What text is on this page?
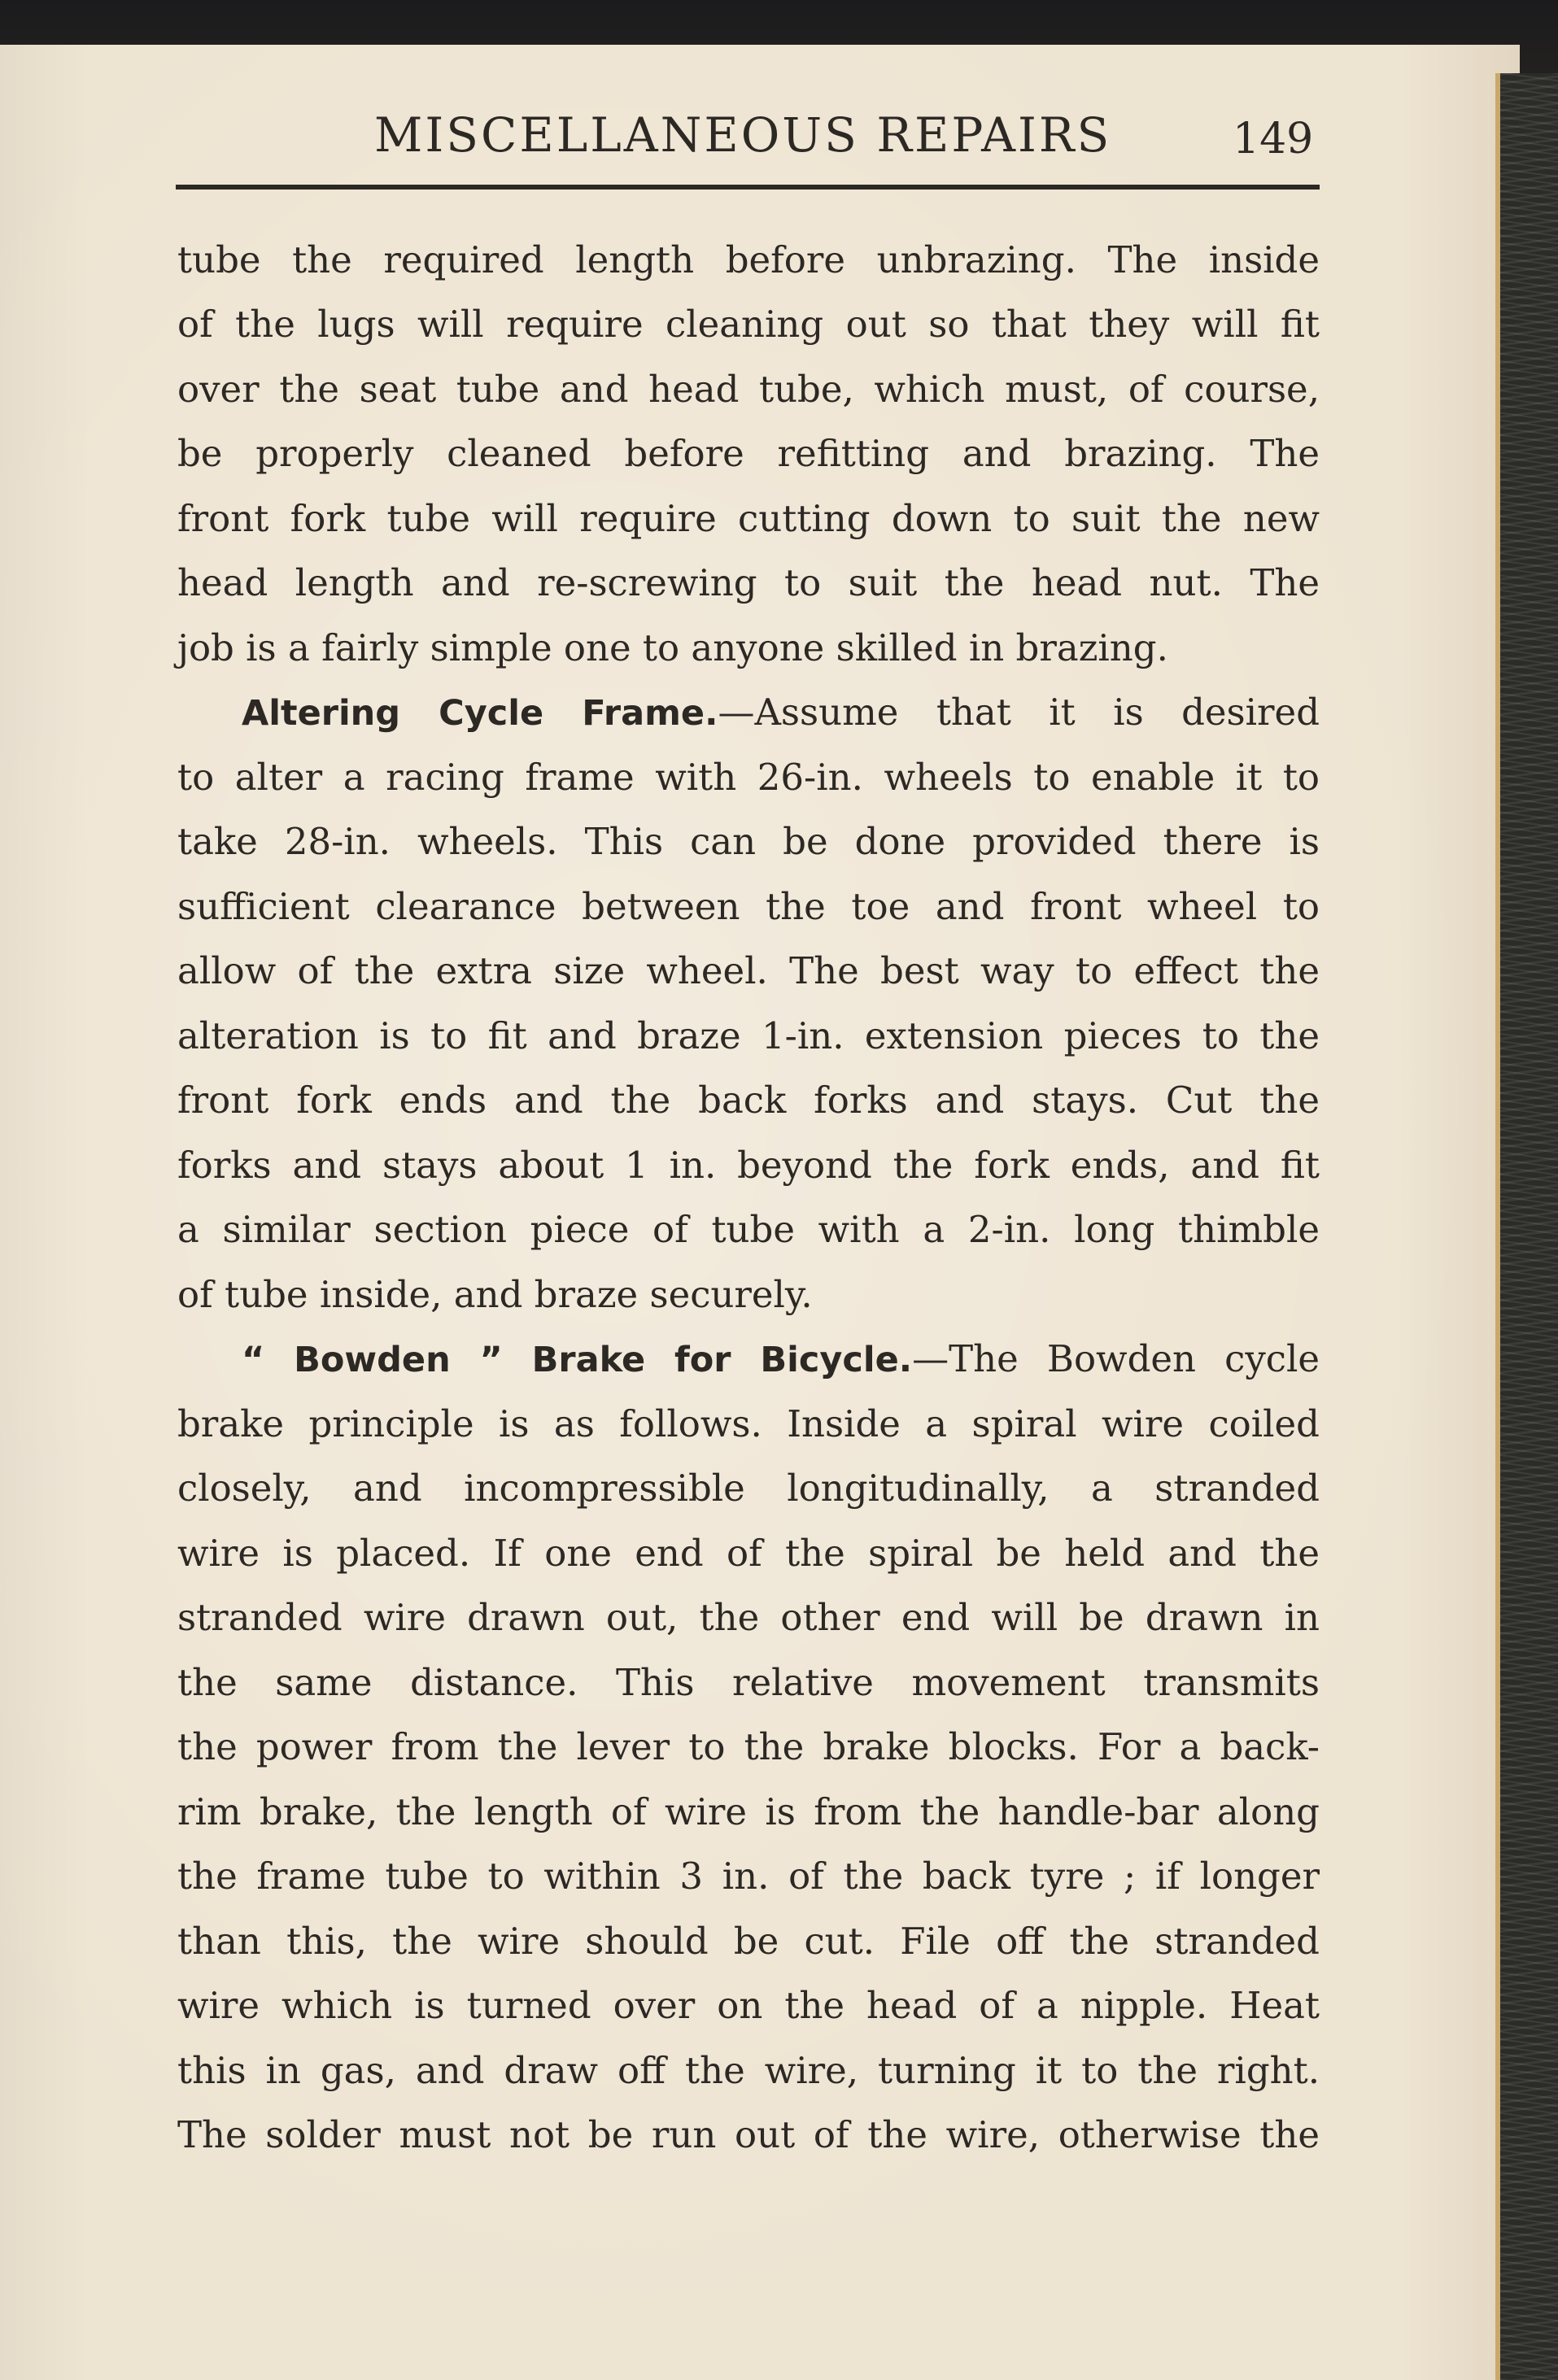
MISCELLANEOUS REPAIRS	149
tube the required length before unbrazing. The inside
of the lugs will require cleaning out so that they will fit
over the seat tube and head tube, which must, of course,
be properly cleaned before refitting and brazing. The
front fork tube will require cutting down to suit the new
head length and re-screwing to suit the head nut. The
job is a fairly simple one to anyone skilled in brazing.
Altering Cycle Frame.—Assume that it is desired
to alter a racing frame with 26-in. wheels to enable it to
take 28-in. wheels. This can be done provided there is
sufficient clearance between the toe and front wheel to
allow of the extra size wheel. The best way to effect the
alteration is to fit and braze 1-in. extension pieces to the
front fork ends and the back forks and stays. Cut the
forks and stays about 1 in. beyond the fork ends, and fit
a similar section piece of tube with a 2-in. long thimble
of tube inside, and braze securely.
“ Bowden ” Brake for Bicycle.—The Bowden cycle
brake principle is as follows. Inside a spiral wire coiled
closely, and incompressible longitudinally, a stranded
wire is placed. If one end of the spiral be held and the
stranded wire drawn out, the other end will be drawn in
the same distance. This relative movement transmits
the power from the lever to the brake blocks. For a back-
rim brake, the length of wire is from the handle-bar along
the frame tube to within 3 in. of the back tyre ; if longer
than this, the wire should be cut. File off the stranded
wire which is turned over on the head of a nipple. Heat
this in gas, and draw off the wire, turning it to the right.
The solder must not be run out of the wire, otherwise the
